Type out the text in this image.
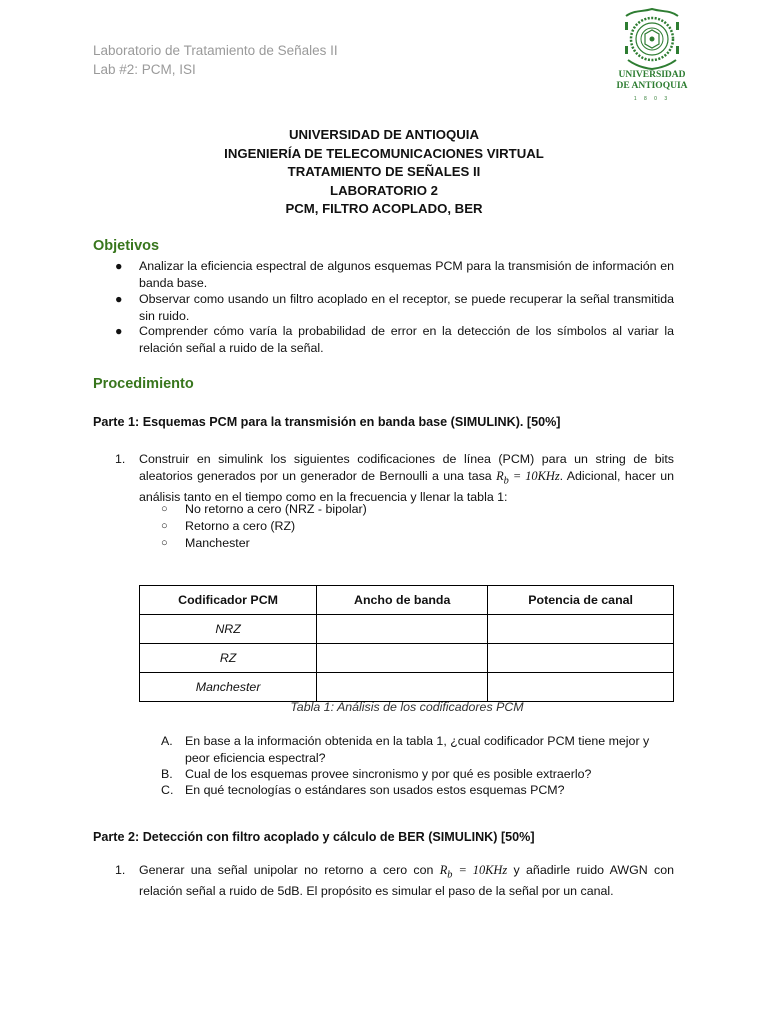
Laboratorio de Tratamiento de Señales II
Lab #2: PCM, ISI	UNIVERSIDAD
DE ANTIOQUIA
1 8 0 3
UNIVERSIDAD DE ANTIOQUIA
INGENIERÍA DE TELECOMUNICACIONES VIRTUAL
TRATAMIENTO DE SEÑALES II
LABORATORIO 2
PCM, FILTRO ACOPLADO, BER
Objetivos
● Analizar la eficiencia espectral de algunos esquemas PCM para la transmisión de información en banda base.
● Observar como usando un filtro acoplado en el receptor, se puede recuperar la señal transmitida sin ruido.
● Comprender cómo varía la probabilidad de error en la detección de los símbolos al variar la relación señal a ruido de la señal.
Procedimiento
Parte 1: Esquemas PCM para la transmisión en banda base (SIMULINK). [50%]
1. Construir en simulink los siguientes codificaciones de línea (PCM) para un string de bits aleatorios generados por un generador de Bernoulli a una tasa $R_b = 10KHz$. Adicional, hacer un análisis tanto en el tiempo como en la frecuencia y llenar la tabla 1:
○ No retorno a cero (NRZ - bipolar)
○ Retorno a cero (RZ)
○ Manchester
Codificador PCM	Ancho de banda	Potencia de canal
NRZ		
RZ		
Manchester		
Tabla 1: Análisis de los codificadores PCM
A. En base a la información obtenida en la tabla 1, ¿cual codificador PCM tiene mejor y peor eficiencia espectral?
B. Cual de los esquemas provee sincronismo y por qué es posible extraerlo?
C. En qué tecnologías o estándares son usados estos esquemas PCM?
Parte 2: Detección con filtro acoplado y cálculo de BER (SIMULINK) [50%]
1. Generar una señal unipolar no retorno a cero con $R_b = 10KHz$ y añadirle ruido AWGN con relación señal a ruido de 5dB. El propósito es simular el paso de la señal por un canal.
